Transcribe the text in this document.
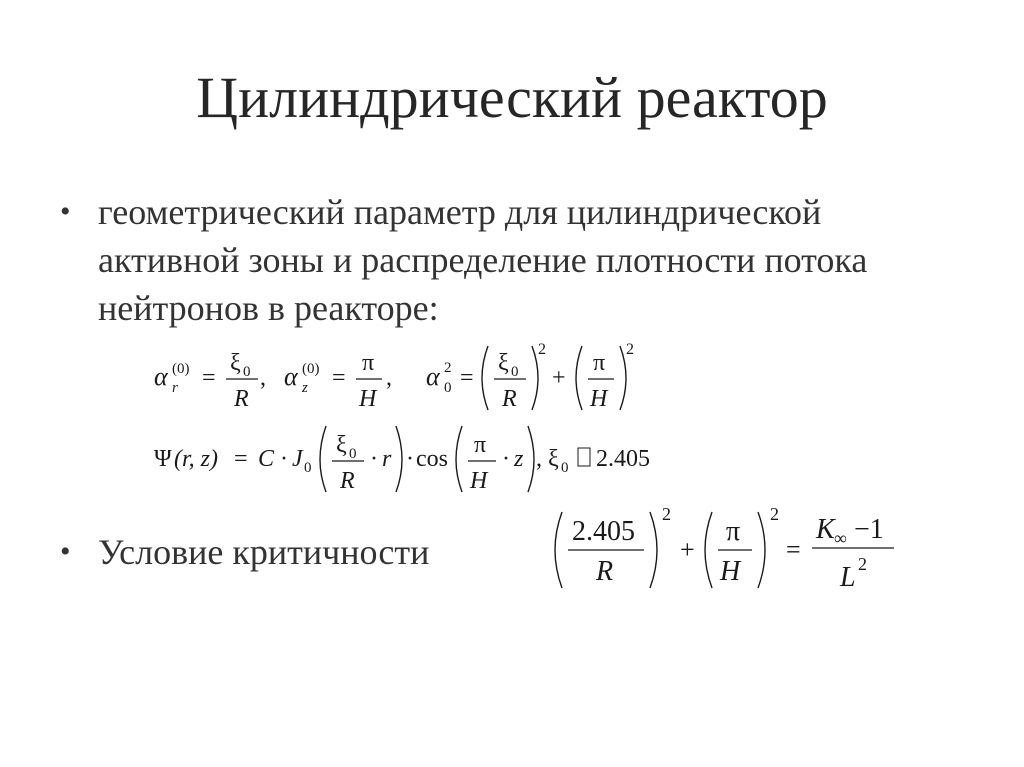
Цилиндрический реактор
• геометрический параметр для цилиндрической
активной зоны и распределение плотности потока
нейтронов в реакторе:
α (0)
r =
ξ 0
R
, α (0)
z =
π
H
, α 2
0 =
ξ 0
R
2
+
π
H
2
Ψ (r, z) = C · J 0
ξ 0
R
· r · cos
π
H
· z , ξ 0 2.405
• Условие критичности
2.405
R
2
+
π
H
2
=
K ∞ −1
L 2
